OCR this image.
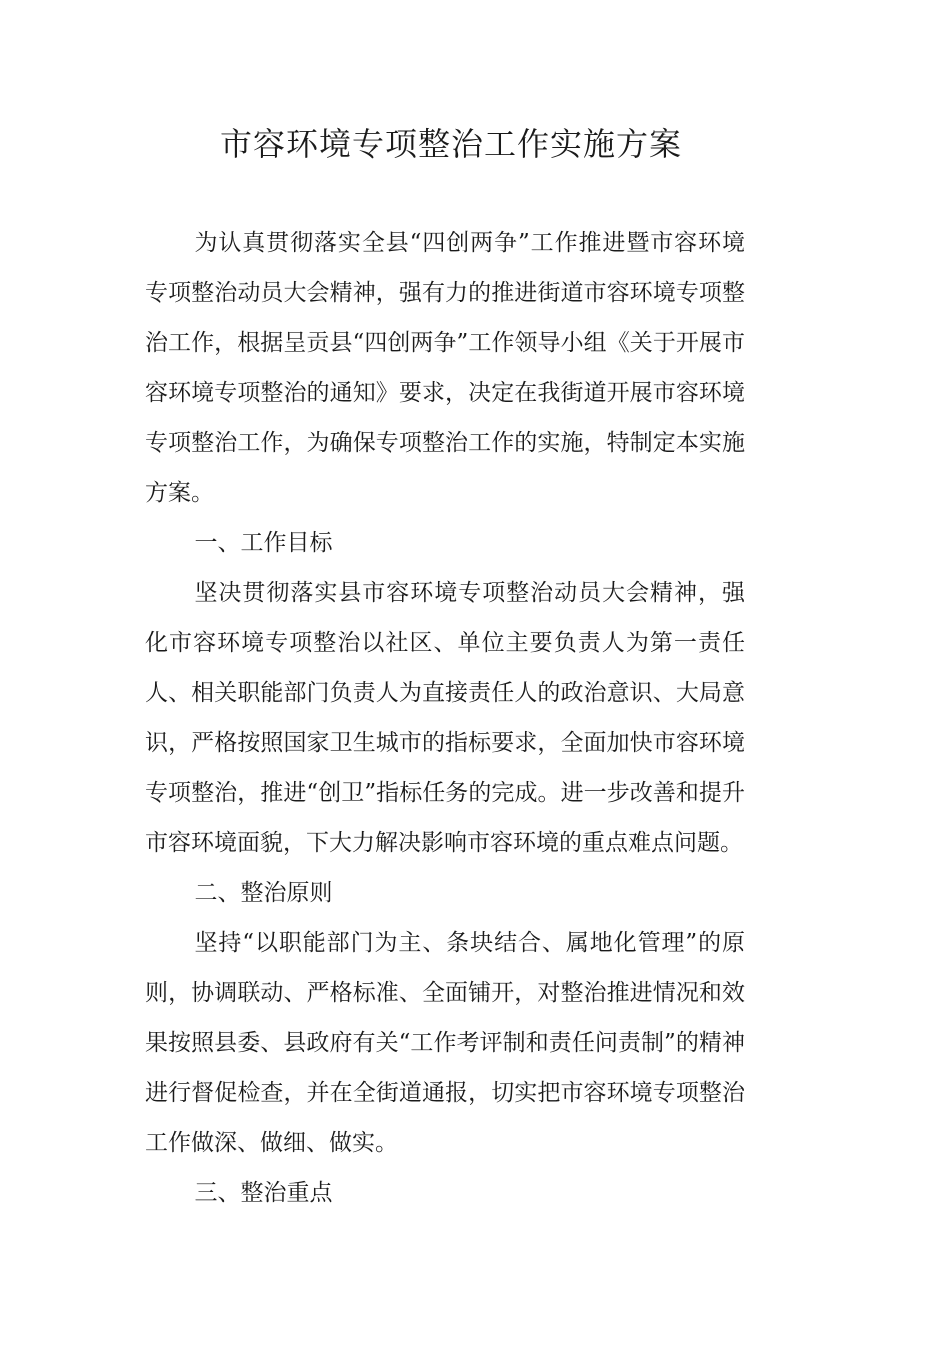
市容环境专项整治工作实施方案

为认真贯彻落实全县“四创两争”工作推进暨市容环境专项整治动员大会精神，强有力的推进街道市容环境专项整治工作，根据呈贡县“四创两争”工作领导小组《关于开展市容环境专项整治的通知》要求，决定在我街道开展市容环境专项整治工作，为确保专项整治工作的实施，特制定本实施方案。

一、工作目标

坚决贯彻落实县市容环境专项整治动员大会精神，强化市容环境专项整治以社区、单位主要负责人为第一责任人、相关职能部门负责人为直接责任人的政治意识、大局意识，严格按照国家卫生城市的指标要求，全面加快市容环境专项整治，推进“创卫”指标任务的完成。进一步改善和提升市容环境面貌，下大力解决影响市容环境的重点难点问题。

二、整治原则

坚持“以职能部门为主、条块结合、属地化管理”的原则，协调联动、严格标准、全面铺开，对整治推进情况和效果按照县委、县政府有关“工作考评制和责任问责制”的精神进行督促检查，并在全街道通报，切实把市容环境专项整治工作做深、做细、做实。

三、整治重点
